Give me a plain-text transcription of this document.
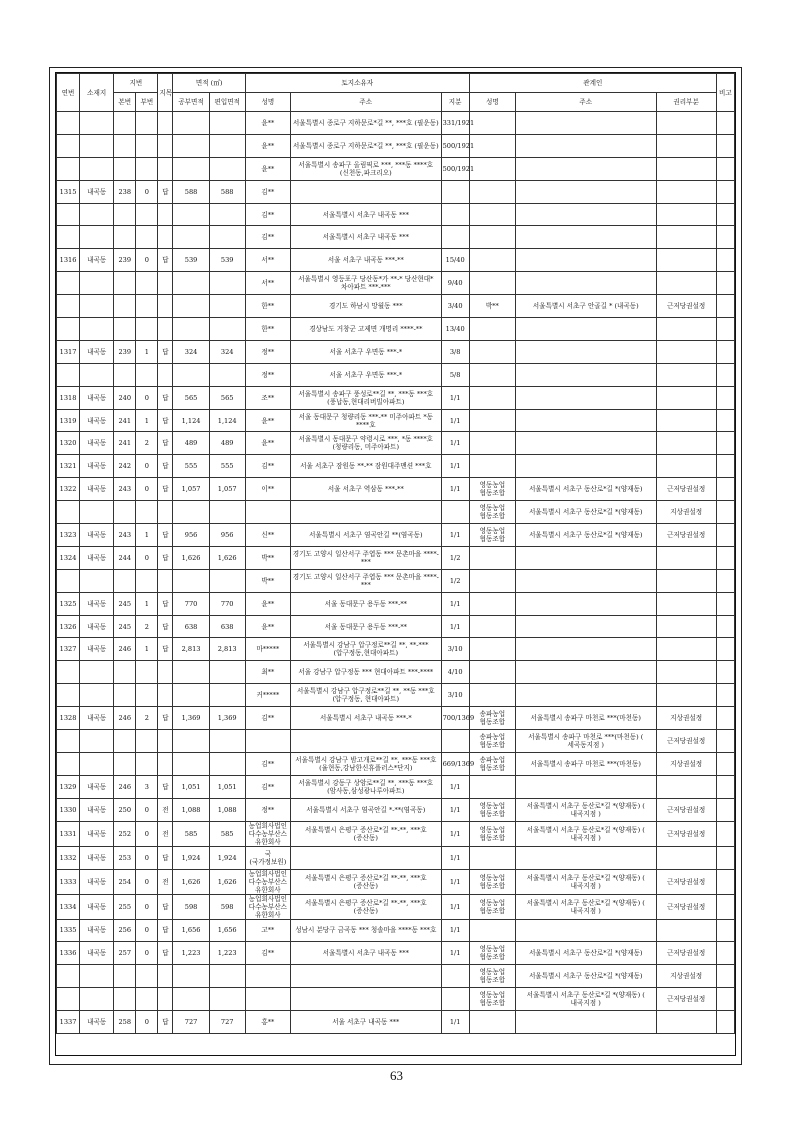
연번	소재지	지번		지목	면적 (㎡)		토지소유자			관계인			비고
		본번	부번		공부면적	편입면적	성명	주소	지분	성명	주소	권리부분	
							윤**	서울특별시 종로구 지하문로*길 **, ***호 (필운동)	331/1921				
							윤**	서울특별시 종로구 지하문로*길 **, ***호 (필운동)	500/1921				
							윤**	서울특별시 송파구 올림픽로 ***, ***동 ****호 (신천동,파크리오)	500/1921				
1315	내곡동	238	0	답	588	588	김**						
							김**	서울특별시 서초구 내곡동 ***					
							김**	서울특별시 서초구 내곡동 ***					
1316	내곡동	239	0	답	539	539	서**	서울 서초구 내곡동 ***-**	15/40				
							서**	서울특별시 영등포구 당산동*가 **-* 당산현대*차아파트 ***-***	9/40				
							한**	경기도 하남시 망월동 ***	3/40	박**	서울특별시 서초구 안골길 * (내곡동)	근저당권설정	
							한**	경상남도 거창군 고제면 개명리 ****-**	13/40				
1317	내곡동	239	1	답	324	324	정**	서울 서초구 우면동 ***-*	3/8				
							정**	서울 서초구 우면동 ***-*	5/8				
1318	내곡동	240	0	답	565	565	조**	서울특별시 송파구 풍성로**길 **, ***동 ***호(풍납동,현대리버빌아파트)	1/1				
1319	내곡동	241	1	답	1,124	1,124	윤**	서울 동대문구 청량리동 ***-** 미주아파트 *동 ****호	1/1				
1320	내곡동	241	2	답	489	489	윤**	서울특별시 동대문구 약령시로 ***, *동 ****호(청량리동, 미주아파트)	1/1				
1321	내곡동	242	0	답	555	555	김**	서울 서초구 잠원동 **-** 잠원대주맨션 ***호	1/1				
1322	내곡동	243	0	답	1,057	1,057	이**	서울 서초구 역삼동 ***-**	1/1	영동농업 협동조합	서울특별시 서초구 동산로*길 *(양재동)	근저당권설정	
										영동농업 협동조합	서울특별시 서초구 동산로*길 *(양재동)	지상권설정	
1323	내곡동	243	1	답	956	956	신**	서울특별시 서초구 염곡안길 **(염곡동)	1/1	영동농업 협동조합	서울특별시 서초구 동산로*길 *(양재동)	근저당권설정	
1324	내곡동	244	0	답	1,626	1,626	박**	경기도 고양시 일산서구 주엽동 *** 문촌마을 ****-***	1/2				
							박**	경기도 고양시 일산서구 주엽동 *** 문촌마을 ****-***	1/2				
1325	내곡동	245	1	답	770	770	윤**	서울 동대문구 용두동 ***-**	1/1				
1326	내곡동	245	2	답	638	638	윤**	서울 동대문구 용두동 ***-**	1/1				
1327	내곡동	246	1	답	2,813	2,813	마*****	서울특별시 강남구 압구정로**길 **, **-***(압구정동,현대아파트)	3/10				
							최**	서울 강남구 압구정동 *** 현대아파트 ***-****	4/10				
							커*****	서울특별시 강남구 압구정로**길 **, **동 ***호 (압구정동, 현대아파트)	3/10				
1328	내곡동	246	2	답	1,369	1,369	김**	서울특별시 서초구 내곡동 ***-*	700/1369	송파농업 협동조합	서울특별시 송파구 마천로 ***(마천동)	지상권설정	
										송파농업 협동조합	서울특별시 송파구 마천로 ***(마천동) ( 세곡동지점 )	근저당권설정	
							김**	서울특별시 강남구 밤고개로**길 **, ***동 ***호(율현동,강남한신휴플러스*단지)	669/1369	송파농업 협동조합	서울특별시 송파구 마천로 ***(마천동)	지상권설정	
1329	내곡동	246	3	답	1,051	1,051	김**	서울특별시 강동구 상암로**길 **, ***동 ***호(암사동,삼성광나루아파트)	1/1				
1330	내곡동	250	0	전	1,088	1,088	정**	서울특별시 서초구 염곡안길 *-**(염곡동)	1/1	영동농업 협동조합	서울특별시 서초구 동산로*길 *(양재동) ( 내곡지점 )	근저당권설정	
1331	내곡동	252	0	전	585	585	농업회사법인 다수농부산스 유한회사	서울특별시 은평구 증산로*길 **-**, ***호 (증산동)	1/1	영동농업 협동조합	서울특별시 서초구 동산로*길 *(양재동) ( 내곡지점 )	근저당권설정	
1332	내곡동	253	0	답	1,924	1,924	국(국가정보원)		1/1				
1333	내곡동	254	0	전	1,626	1,626	농업회사법인 다수농부산스 유한회사	서울특별시 은평구 증산로*길 **-**, ***호 (증산동)	1/1	영동농업 협동조합	서울특별시 서초구 동산로*길 *(양재동) ( 내곡지점 )	근저당권설정	
1334	내곡동	255	0	답	598	598	농업회사법인 다수농부산스 유한회사	서울특별시 은평구 증산로*길 **-**, ***호 (증산동)	1/1	영동농업 협동조합	서울특별시 서초구 동산로*길 *(양재동) ( 내곡지점 )	근저당권설정	
1335	내곡동	256	0	답	1,656	1,656	고**	성남시 분당구 금곡동 *** 청솔마을 ****동 ***호	1/1				
1336	내곡동	257	0	답	1,223	1,223	김**	서울특별시 서초구 내곡동 ***	1/1	영동농업 협동조합	서울특별시 서초구 동산로*길 *(양재동)	근저당권설정	
										영동농업 협동조합	서울특별시 서초구 동산로*길 *(양재동)	지상권설정	
										영동농업 협동조합	서울특별시 서초구 동산로*길 *(양재동) ( 내곡지점 )	근저당권설정	
1337	내곡동	258	0	답	727	727	홍**	서울 서초구 내곡동 ***	1/1				
63
